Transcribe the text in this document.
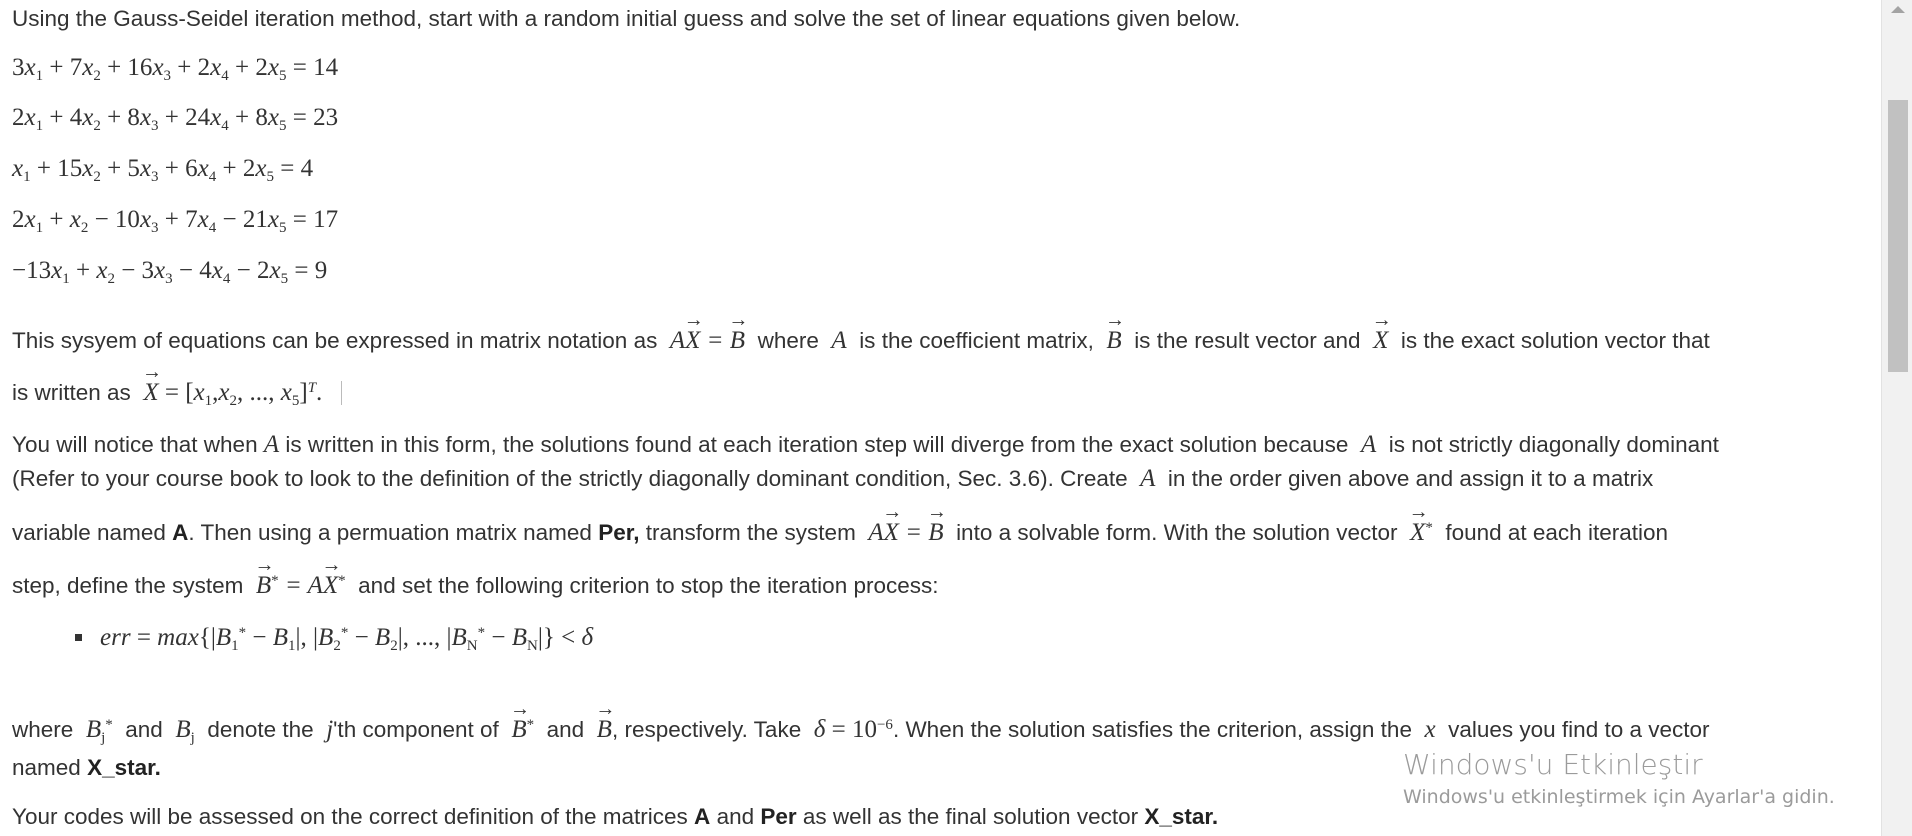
Using the Gauss-Seidel iteration method, start with a random initial guess and solve the set of linear equations given below.
$3x_1 + 7x_2 + 16x_3 + 2x_4 + 2x_5 = 14$
$2x_1 + 4x_2 + 8x_3 + 24x_4 + 8x_5 = 23$
$x_1 + 15x_2 + 5x_3 + 6x_4 + 2x_5 = 4$
$2x_1 + x_2 - 10x_3 + 7x_4 - 21x_5 = 17$
$-13x_1 + x_2 - 3x_3 - 4x_4 - 2x_5 = 9$
This sysyem of equations can be expressed in matrix notation as  A→ X = → B where  A  is the coefficient matrix, → B is the result vector and → X is the exact solution vector that
is written as → $X = [x_1,x_2$, ..., $x_5]^T$.
You will notice that when A is written in this form, the solutions found at each iteration step will diverge from the exact solution because  A  is not strictly diagonally dominant
(Refer to your course book to look to the definition of the strictly diagonally dominant condition, Sec. 3.6). Create  A  in the order given above and assign it to a matrix
variable named A. Then using a permuation matrix named Per, transform the system  A→ X = → B into a solvable form. With the solution vector → X* found at each iteration
step, define the system → B* = A→ X* and set the following criterion to stop the iteration process:
err = $\max\{|B_1^* - B_1|$, $|B_2^* - B_2|$, ..., $|B_N^* - B_N|\} < \delta$
where  $B_j^*$ and  $B_j$ denote the  j'th component of → B* and → B, respectively. Take  $\delta = 10^{-6}$. When the solution satisfies the criterion, assign the  x  values you find to a vector
named X_star.
Your codes will be assessed on the correct definition of the matrices A and Per as well as the final solution vector X_star.
Windows'u Etkinleştir
Windows'u etkinleştirmek için Ayarlar'a gidin.
